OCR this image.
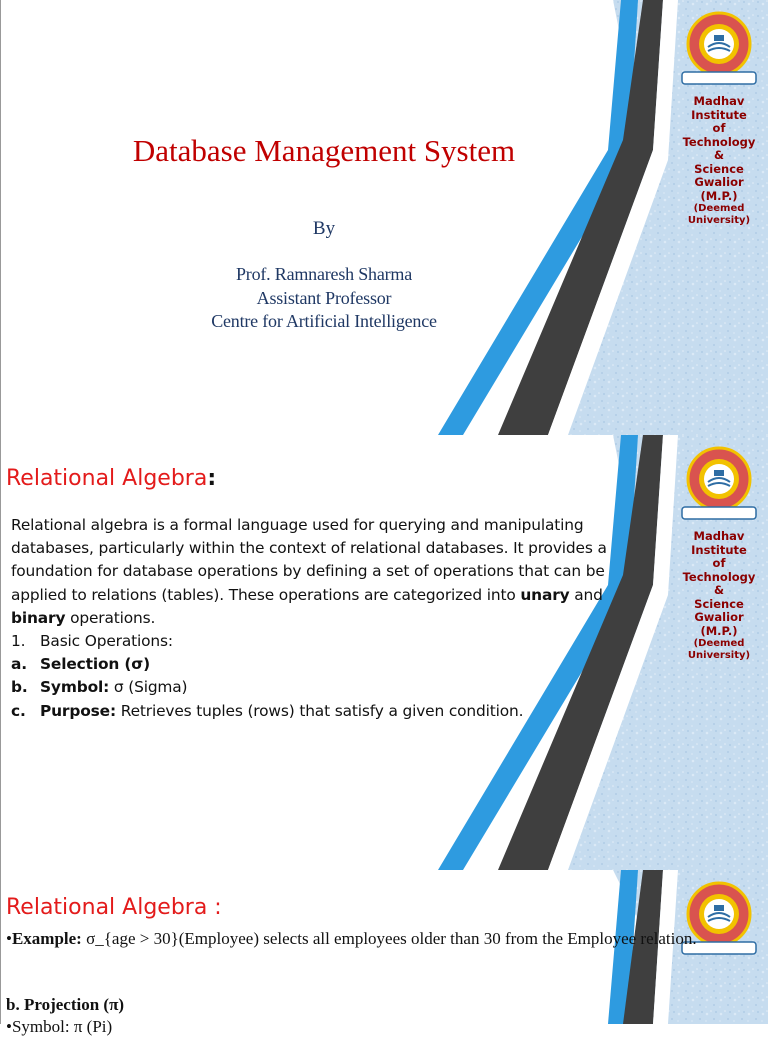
Madhav
Institute
of
Technology
&
Science
Gwalior (M.P.)
(Deemed
University)
Database Management System
By
Prof. Ramnaresh Sharma
Assistant Professor
Centre for Artificial Intelligence
Madhav
Institute
of
Technology
&
Science
Gwalior (M.P.)
(Deemed
University)
Relational Algebra:
Relational algebra is a formal language used for querying and manipulating databases, particularly within the context of relational databases. It provides a foundation for database operations by defining a set of operations that can be applied to relations (tables). These operations are categorized into unary and binary operations.
1. Basic Operations:
a. Selection (σ)
b. Symbol: σ (Sigma)
c. Purpose: Retrieves tuples (rows) that satisfy a given condition.
Relational Algebra :
•Example: σ_{age > 30}(Employee) selects all employees older than 30 from the Employee relation.
b. Projection (π)
•Symbol: π (Pi)
